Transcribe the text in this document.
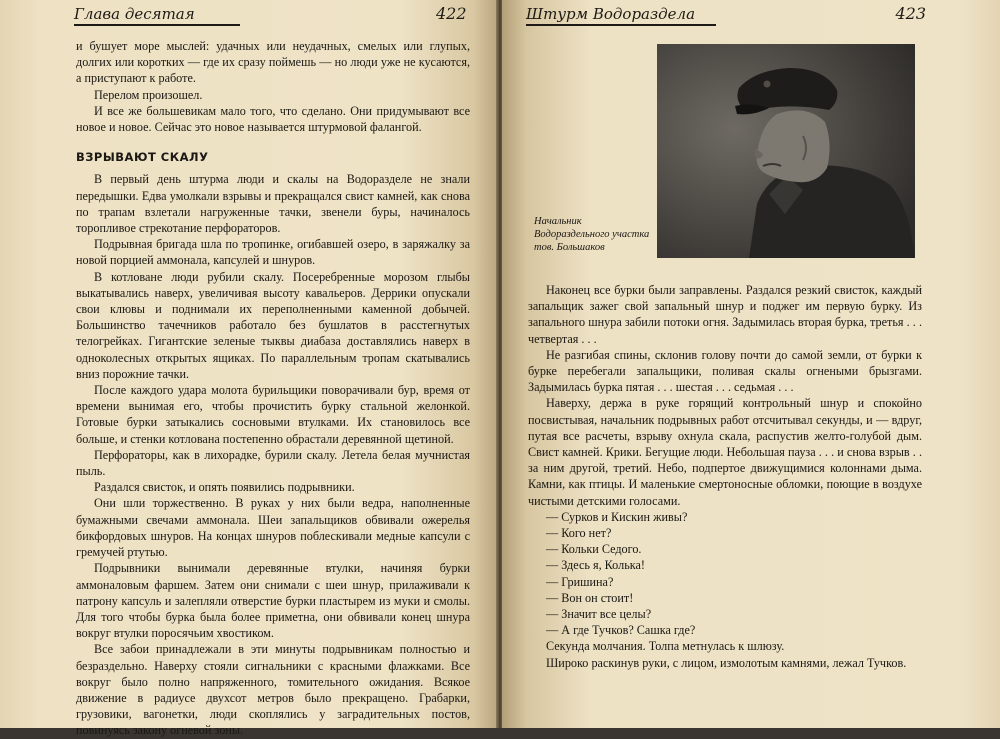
Глава десятая	422

и бушует море мыслей: удачных или неудачных, смелых или глупых, долгих или коротких — где их сразу поймешь — но люди уже не кусаются, а приступают к работе.

Перелом произошел.

И все же большевикам мало того, что сделано. Они придумывают все новое и новое. Сейчас это новое называется штурмовой фалангой.

ВЗРЫВАЮТ СКАЛУ

В первый день штурма люди и скалы на Водоразделе не знали передышки. Едва умолкали взрывы и прекращался свист камней, как снова по трапам взлетали нагруженные тачки, звенели буры, начиналось торопливое стрекотание перфораторов.

Подрывная бригада шла по тропинке, огибавшей озеро, в заряжалку за новой порцией аммонала, капсулей и шнуров.

В котловане люди рубили скалу. Посеребренные морозом глыбы выкатывались наверх, увеличивая высоту кавальеров. Деррики опускали свои клювы и поднимали их переполненными каменной добычей. Большинство тачечников работало без бушлатов в расстегнутых телогрейках. Гигантские зеленые тыквы диабаза доставлялись наверх в одноколесных открытых ящиках. По параллельным тропам скатывались вниз порожние тачки.

После каждого удара молота бурильщики поворачивали бур, время от времени вынимая его, чтобы прочистить бурку стальной желонкой. Готовые бурки затыкались сосновыми втулками. Их становилось все больше, и стенки котлована постепенно обрастали деревянной щетиной.

Перфораторы, как в лихорадке, бурили скалу. Летела белая мучнистая пыль.

Раздался свисток, и опять появились подрывники.

Они шли торжественно. В руках у них были ведра, наполненные бумажными свечами аммонала. Шеи запальщиков обвивали ожерелья бикфордовых шнуров. На концах шнуров поблескивали медные капсули с гремучей ртутью.

Подрывники вынимали деревянные втулки, начиняя бурки аммоналовым фаршем. Затем они снимали с шеи шнур, прилаживали к патрону капсуль и залепляли отверстие бурки пластырем из муки и смолы. Для того чтобы бурка была более приметна, они обвивали конец шнура вокруг втулки поросячьим хвостиком.

Все забои принадлежали в эти минуты подрывникам полностью и безраздельно. Наверху стояли сигнальники с красными флажками. Все вокруг было полно напряженного, томительного ожидания. Всякое движение в радиусе двухсот метров было прекращено. Грабарки, грузовики, вагонетки, люди скоплялись у заградительных постов, повинуясь закону огневой зоны.

Штурм Водораздела	423
Начальник Водораздельного участка тов. Большаков

Наконец все бурки были заправлены. Раздался резкий свисток, каждый запальщик зажег свой запальный шнур и поджег им первую бурку. Из запального шнура забили потоки огня. Задымилась вторая бурка, третья . . . четвертая . . .

Не разгибая спины, склонив голову почти до самой земли, от бурки к бурке перебегали запальщики, поливая скалы огнеными брызгами. Задымилась бурка пятая . . . шестая . . . седьмая . . .

Наверху, держа в руке горящий контрольный шнур и спокойно посвистывая, начальник подрывных работ отсчитывал секунды, и — вдруг, путая все расчеты, взрыву охнула скала, распустив желто-голубой дым. Свист камней. Крики. Бегущие люди. Небольшая пауза . . . и снова взрыв . . за ним другой, третий. Небо, подпертое движущимися колоннами дыма. Камни, как птицы. И маленькие смертоносные обломки, поющие в воздухе чистыми детскими голосами.

— Сурков и Кискин живы?

— Кого нет?

— Кольки Седого.

— Здесь я, Колька!

— Гришина?

— Вон он стоит!

— Значит все целы?

— А где Тучков? Сашка где?

Секунда молчания. Толпа метнулась к шлюзу.

Широко раскинув руки, с лицом, измолотым камнями, лежал Тучков.
